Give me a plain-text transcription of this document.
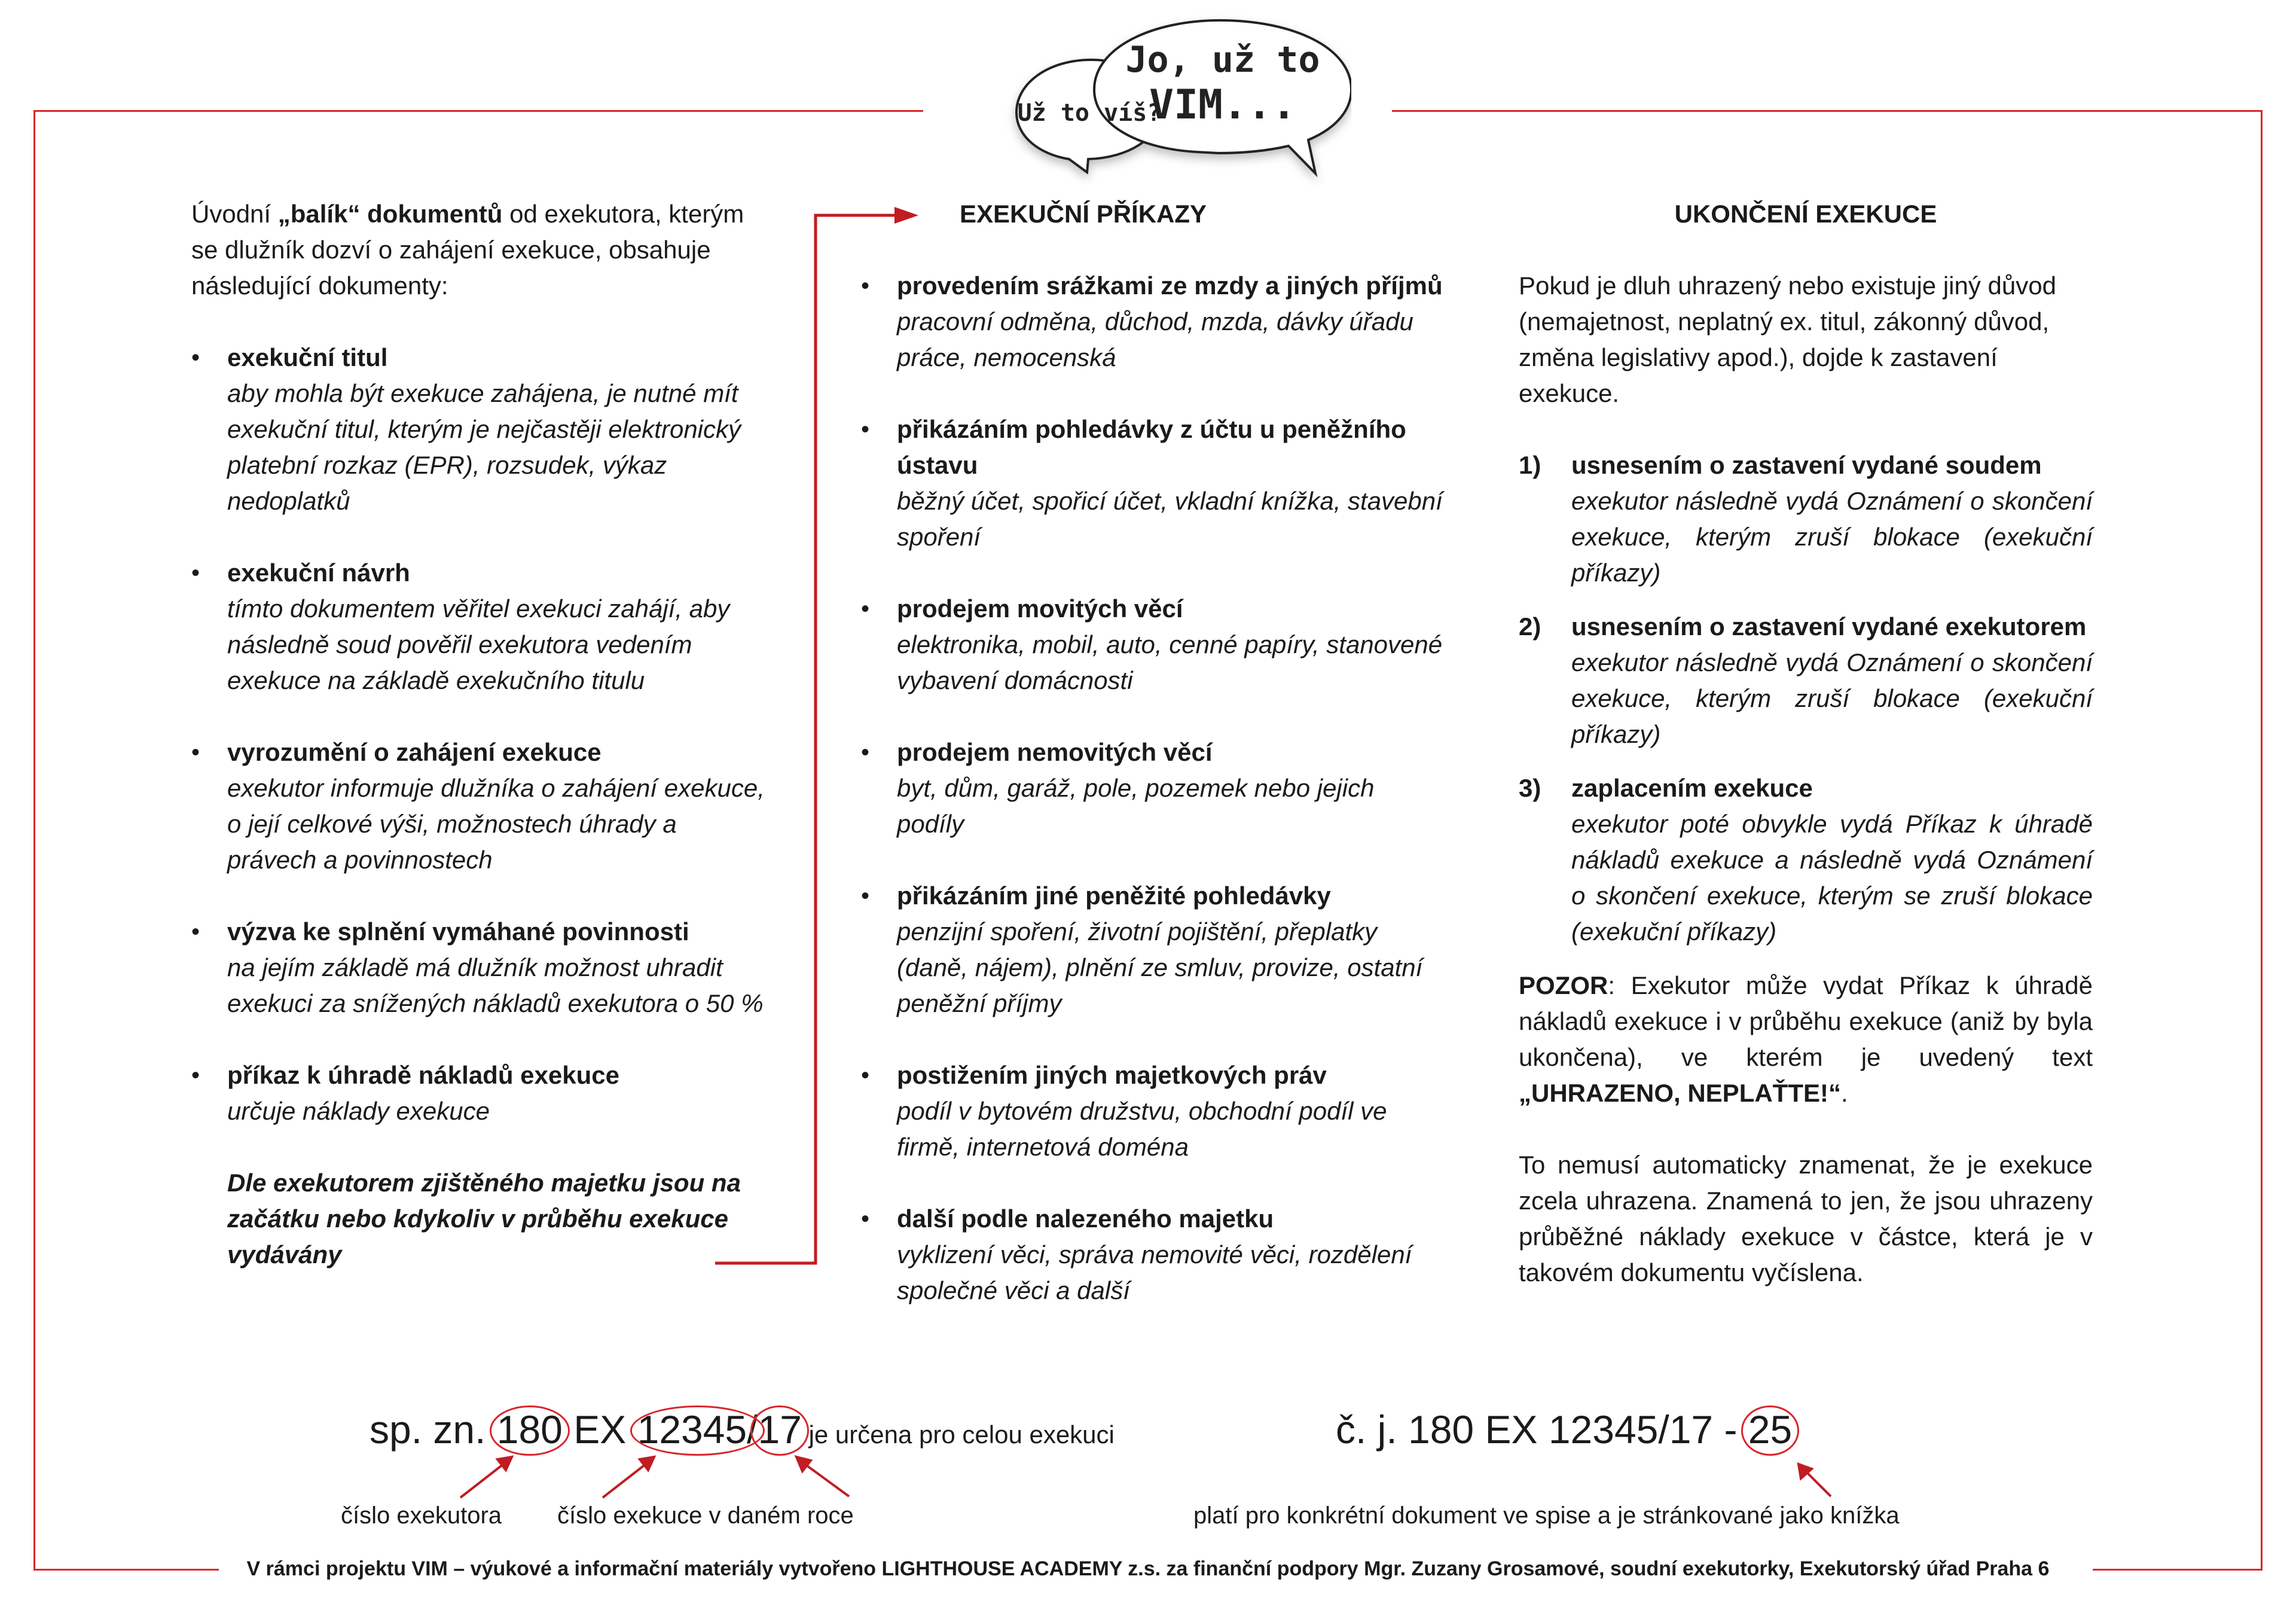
Jo, už to
VIM...
Už to víš?

Úvodní „balík“ dokumentů od exekutora, kterým se dlužník dozví o zahájení exekuce, obsahuje následující dokumenty:

• exekuční titul
aby mohla být exekuce zahájena, je nutné mít exekuční titul, kterým je nejčastěji elektronický platební rozkaz (EPR), rozsudek, výkaz nedoplatků
• exekuční návrh
tímto dokumentem věřitel exekuci zahájí, aby následně soud pověřil exekutora vedením exekuce na základě exekučního titulu
• vyrozumění o zahájení exekuce
exekutor informuje dlužníka o zahájení exekuce, o její celkové výši, možnostech úhrady a právech a povinnostech
• výzva ke splnění vymáhané povinnosti
na jejím základě má dlužník možnost uhradit exekuci za snížených nákladů exekutora o 50 %
• příkaz k úhradě nákladů exekuce
určuje náklady exekuce

Dle exekutorem zjištěného majetku jsou na začátku nebo kdykoliv v průběhu exekuce vydávány

EXEKUČNÍ PŘÍKAZY
• provedením srážkami ze mzdy a jiných příjmů
pracovní odměna, důchod, mzda, dávky úřadu práce, nemocenská
• přikázáním pohledávky z účtu u peněžního ústavu
běžný účet, spořicí účet, vkladní knížka, stavební spoření
• prodejem movitých věcí
elektronika, mobil, auto, cenné papíry, stanovené vybavení domácnosti
• prodejem nemovitých věcí
byt, dům, garáž, pole, pozemek nebo jejich podíly
• přikázáním jiné peněžité pohledávky
penzijní spoření, životní pojištění, přeplatky (daně, nájem), plnění ze smluv, provize, ostatní peněžní příjmy
• postižením jiných majetkových práv
podíl v bytovém družstvu, obchodní podíl ve firmě, internetová doména
• další podle nalezeného majetku
vyklizení věci, správa nemovité věci, rozdělení společné věci a další
UKONČENÍ EXEKUCE

Pokud je dluh uhrazený nebo existuje jiný důvod (nemajetnost, neplatný ex. titul, zákonný důvod, změna legislativy apod.), dojde k zastavení exekuce.

1) usnesením o zastavení vydané soudem
exekutor následně vydá Oznámení o skončení exekuce, kterým zruší blokace (exekuční příkazy)
2) usnesením o zastavení vydané exekutorem
exekutor následně vydá Oznámení o skončení exekuce, kterým zruší blokace (exekuční příkazy)
3) zaplacením exekuce
exekutor poté obvykle vydá Příkaz k úhradě nákladů exekuce a následně vydá Oznámení o skončení exekuce, kterým se zruší blokace (exekuční příkazy)

POZOR: Exekutor může vydat Příkaz k úhradě nákladů exekuce i v průběhu exekuce (aniž by byla ukončena), ve kterém je uvedený text „UHRAZENO, NEPLAŤTE!“.

To nemusí automaticky znamenat, že je exekuce zcela uhrazena. Znamená to jen, že jsou uhrazeny průběžné náklady exekuce v částce, která je v takovém dokumentu vyčíslena.

sp. zn. 180 EX 12345/17 je určena pro celou exekuci	č. j. 180 EX 12345/17 - 25
číslo exekutora číslo exekuce v daném roce	platí pro konkrétní dokument ve spise a je stránkované jako knížka
V rámci projektu VIM – výukové a informační materiály vytvořeno LIGHTHOUSE ACADEMY z.s. za finanční podpory Mgr. Zuzany Grosamové, soudní exekutorky, Exekutorský úřad Praha 6
